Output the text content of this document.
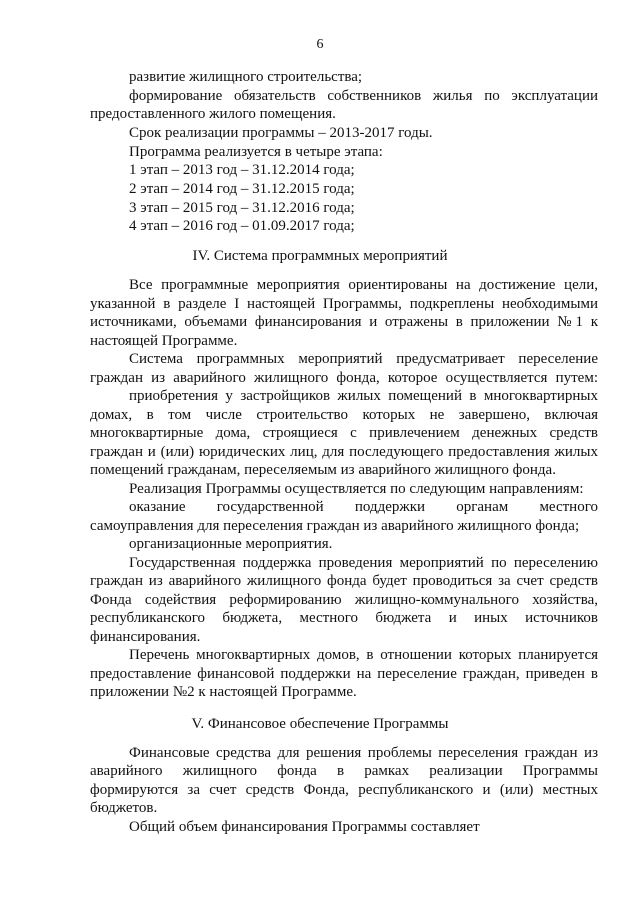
6
развитие жилищного строительства;
формирование обязательств собственников жилья по эксплуатации
предоставленного жилого помещения.
Срок реализации программы – 2013-2017 годы.
Программа реализуется в четыре этапа:
1 этап – 2013 год – 31.12.2014 года;
2 этап – 2014 год – 31.12.2015 года;
3 этап – 2015 год – 31.12.2016 года;
4 этап – 2016 год – 01.09.2017 года;
IV. Система программных мероприятий
Все программные мероприятия ориентированы на достижение цели,
указанной в разделе I настоящей Программы, подкреплены необходимыми
источниками, объемами финансирования и отражены в приложении №1 к
настоящей Программе.
Система программных мероприятий предусматривает переселение
граждан из аварийного жилищного фонда, которое осуществляется путем:
приобретения у застройщиков жилых помещений в многоквартирных
домах, в том числе строительство которых не завершено, включая
многоквартирные дома, строящиеся с привлечением денежных средств
граждан и (или) юридических лиц, для последующего предоставления жилых
помещений гражданам, переселяемым из аварийного жилищного фонда.
Реализация Программы осуществляется по следующим направлениям:
оказание государственной поддержки органам местного
самоуправления для переселения граждан из аварийного жилищного фонда;
организационные мероприятия.
Государственная поддержка проведения мероприятий по переселению
граждан из аварийного жилищного фонда будет проводиться за счет средств
Фонда содействия реформированию жилищно-коммунального хозяйства,
республиканского бюджета, местного бюджета и иных источников
финансирования.
Перечень многоквартирных домов, в отношении которых планируется
предоставление финансовой поддержки на переселение граждан, приведен в
приложении №2 к настоящей Программе.
V. Финансовое обеспечение Программы
Финансовые средства для решения проблемы переселения граждан из
аварийного жилищного фонда в рамках реализации Программы
формируются за счет средств Фонда, республиканского и (или) местных
бюджетов.
Общий объем финансирования Программы составляет
